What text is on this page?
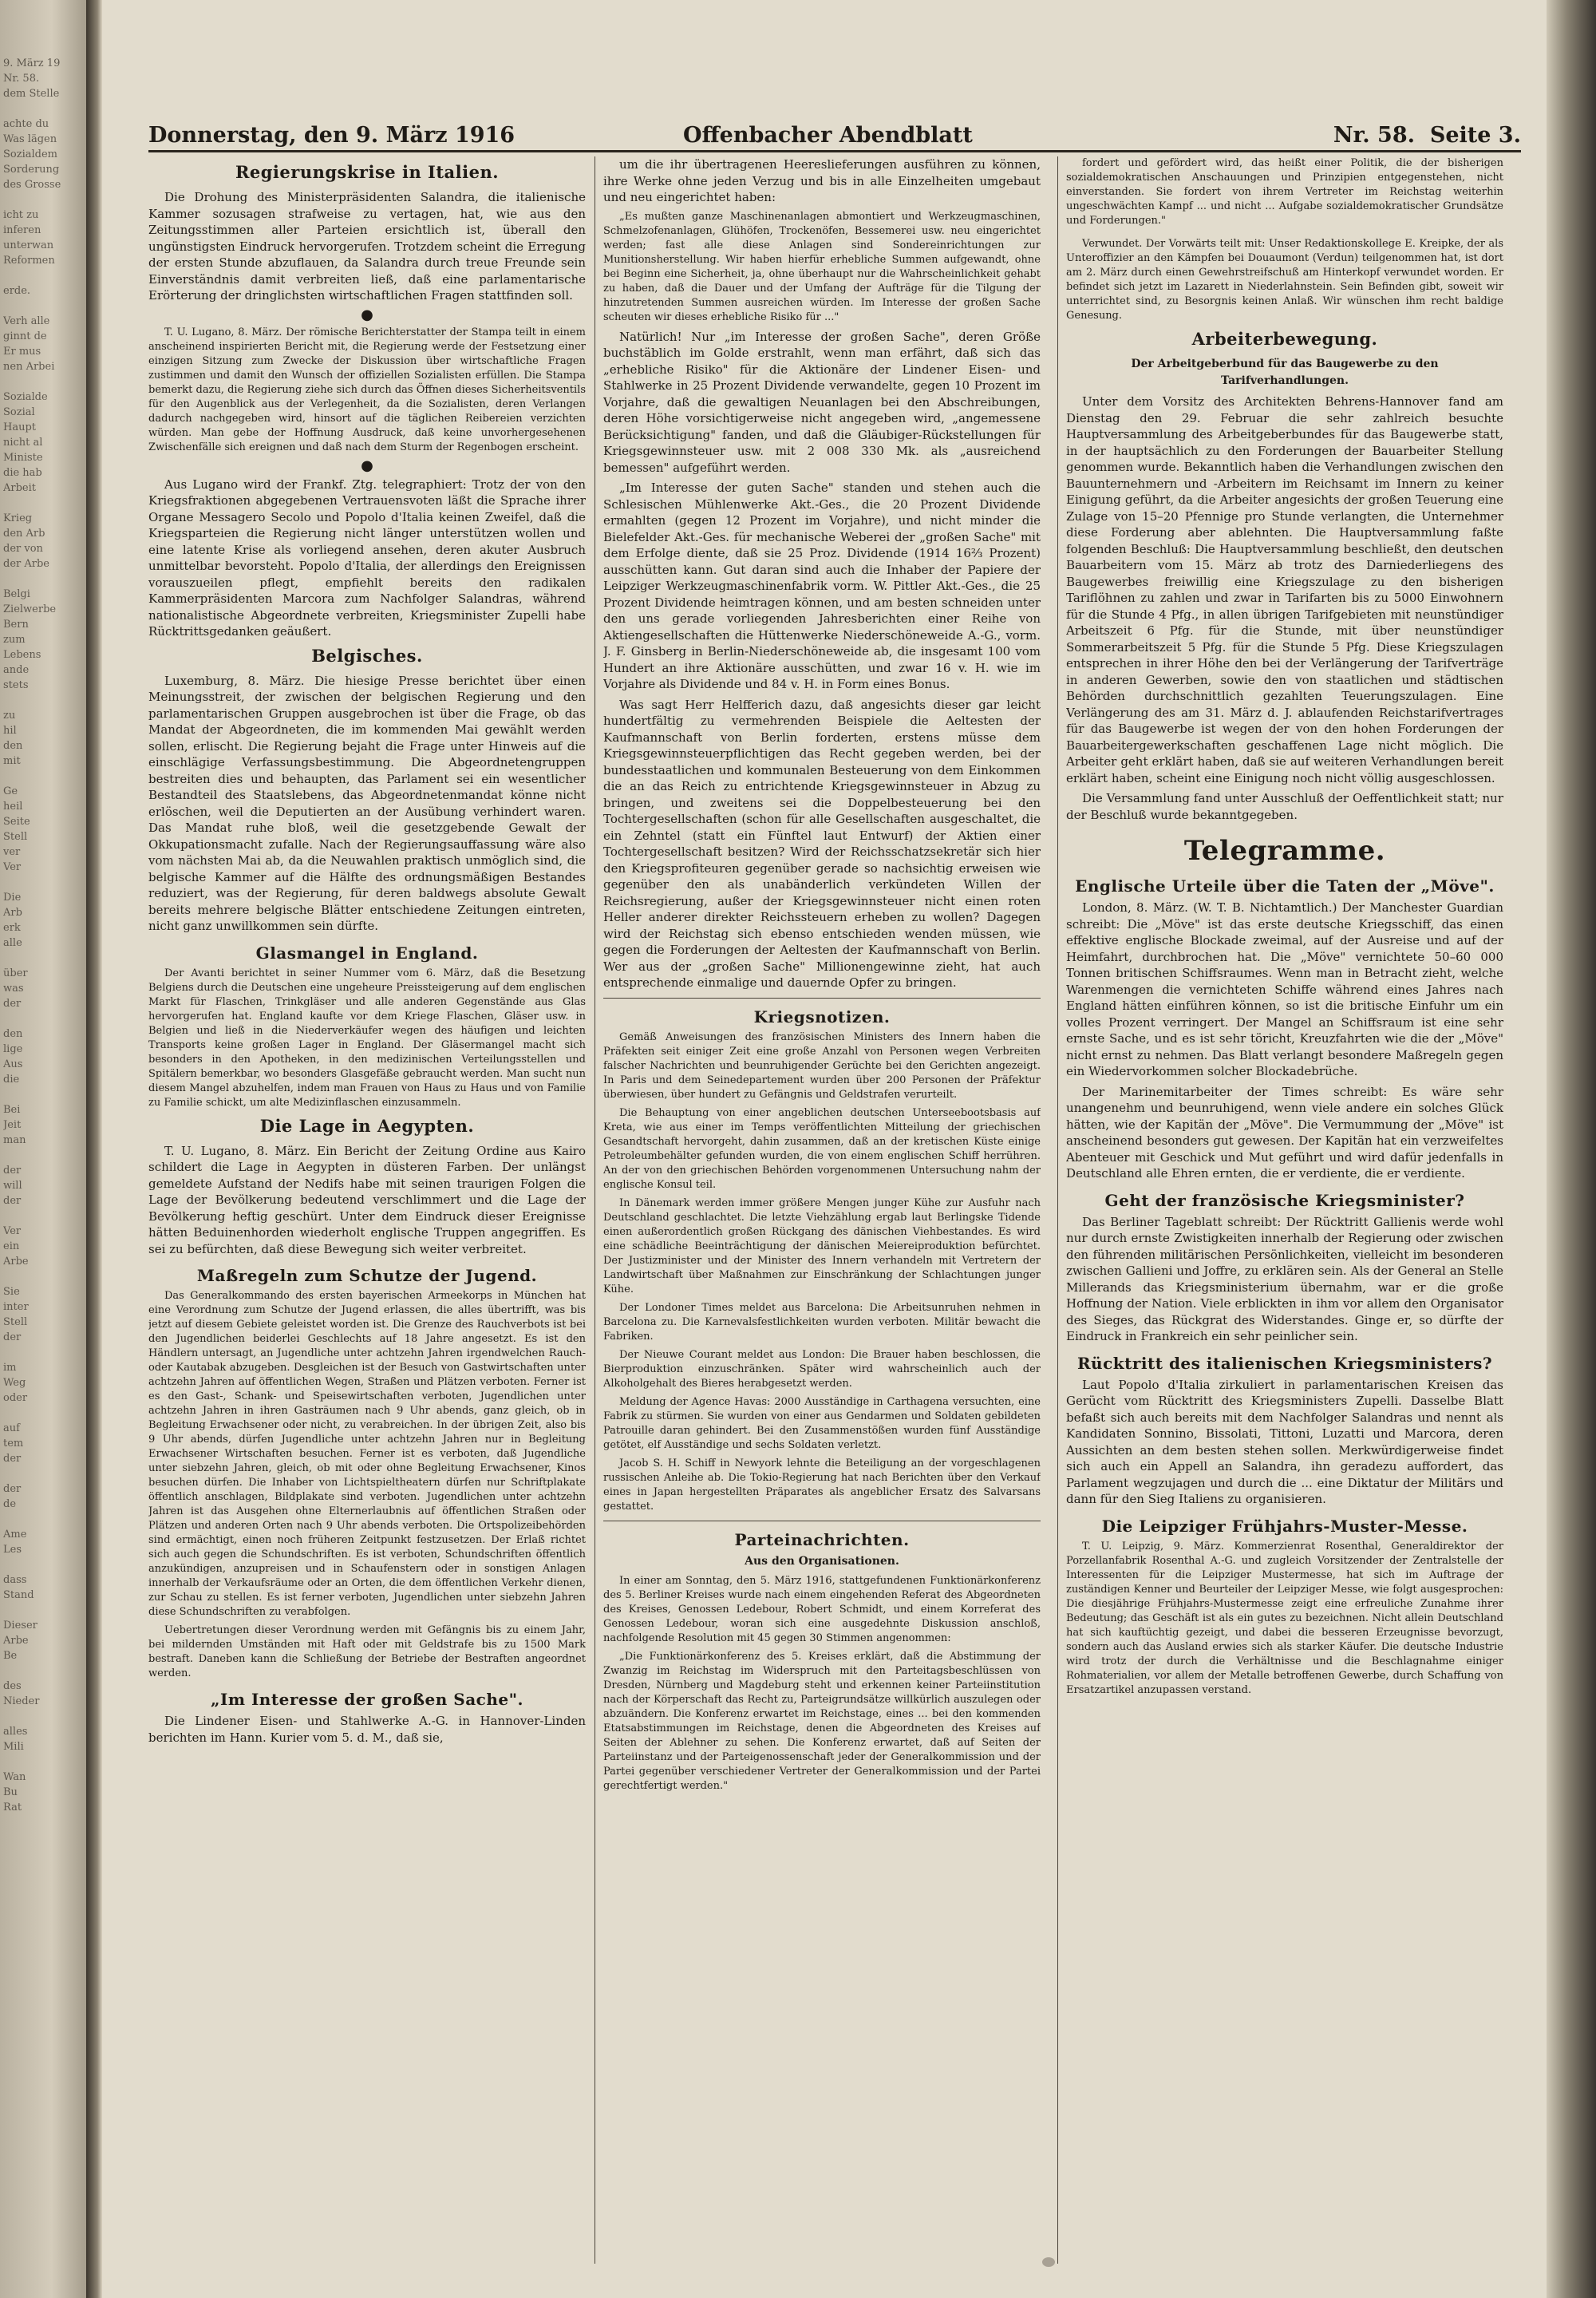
9. März 19
Nr. 58.
dem Stelle

achte du
Was lägen
Sozialdem
Sorderung
des Grosse

icht zu
inferen
unterwan
Reformen

erde.

Verh alle
ginnt de
Er mus
nen Arbei

Sozialde
Sozial
Haupt
nicht al
Ministe
die hab
Arbeit

Krieg
den Arb
der von
der Arbe

Belgi
Zielwerbe
Bern
zum
Lebens
ande
stets

zu
hil
den
mit

Ge
heil
Seite
Stell
ver
Ver

Die
Arb
erk
alle

über
was
der

den
lige
Aus
die

Bei
Jeit
man

der
will
der

Ver
ein
Arbe

Sie
inter
Stell
der

im
Weg
oder

auf
tem
der

der
de

Ame
Les

dass
Stand

Dieser
Arbe
Be

des
Nieder

alles
Mili

Wan
Bu
Rat
Donnerstag, den 9. März 1916	Offenbacher Abendblatt	Nr. 58. Seite 3.
Regierungskrise in Italien.

Die Drohung des Ministerpräsidenten Salandra, die italienische Kammer sozusagen strafweise zu vertagen, hat, wie aus den Zeitungsstimmen aller Parteien ersichtlich ist, überall den ungünstigsten Eindruck hervorgerufen. Trotzdem scheint die Erregung der ersten Stunde abzuflauen, da Salandra durch treue Freunde sein Einverständnis damit verbreiten ließ, daß eine parlamentarische Erörterung der dringlichsten wirtschaftlichen Fragen stattfinden soll.

●

T. U. Lugano, 8. März. Der römische Berichterstatter der Stampa teilt in einem anscheinend inspirierten Bericht mit, die Regierung werde der Festsetzung einer einzigen Sitzung zum Zwecke der Diskussion über wirtschaftliche Fragen zustimmen und damit den Wunsch der offiziellen Sozialisten erfüllen. Die Stampa bemerkt dazu, die Regierung ziehe sich durch das Öffnen dieses Sicherheitsventils für den Augenblick aus der Verlegenheit, da die Sozialisten, deren Verlangen dadurch nachgegeben wird, hinsort auf die täglichen Reibereien verzichten würden. Man gebe der Hoffnung Ausdruck, daß keine unvorhergesehenen Zwischenfälle sich ereignen und daß nach dem Sturm der Regenbogen erscheint.

●

Aus Lugano wird der Frankf. Ztg. telegraphiert: Trotz der von den Kriegsfraktionen abgegebenen Vertrauensvoten läßt die Sprache ihrer Organe Messagero Secolo und Popolo d'Italia keinen Zweifel, daß die Kriegsparteien die Regierung nicht länger unterstützen wollen und eine latente Krise als vorliegend ansehen, deren akuter Ausbruch unmittelbar bevorsteht. Popolo d'Italia, der allerdings den Ereignissen vorauszueilen pflegt, empfiehlt bereits den radikalen Kammerpräsidenten Marcora zum Nachfolger Salandras, während nationalistische Abgeordnete verbreiten, Kriegsminister Zupelli habe Rücktrittsgedanken geäußert.

Belgisches.

Luxemburg, 8. März. Die hiesige Presse berichtet über einen Meinungsstreit, der zwischen der belgischen Regierung und den parlamentarischen Gruppen ausgebrochen ist über die Frage, ob das Mandat der Abgeordneten, die im kommenden Mai gewählt werden sollen, erlischt. Die Regierung bejaht die Frage unter Hinweis auf die einschlägige Verfassungsbestimmung. Die Abgeordnetengruppen bestreiten dies und behaupten, das Parlament sei ein wesentlicher Bestandteil des Staatslebens, das Abgeordnetenmandat könne nicht erlöschen, weil die Deputierten an der Ausübung verhindert waren. Das Mandat ruhe bloß, weil die gesetzgebende Gewalt der Okkupationsmacht zufalle. Nach der Regierungsauffassung wäre also vom nächsten Mai ab, da die Neuwahlen praktisch unmöglich sind, die belgische Kammer auf die Hälfte des ordnungsmäßigen Bestandes reduziert, was der Regierung, für deren baldwegs absolute Gewalt bereits mehrere belgische Blätter entschiedene Zeitungen eintreten, nicht ganz unwillkommen sein dürfte.

Glasmangel in England.

Der Avanti berichtet in seiner Nummer vom 6. März, daß die Besetzung Belgiens durch die Deutschen eine ungeheure Preissteigerung auf dem englischen Markt für Flaschen, Trinkgläser und alle anderen Gegenstände aus Glas hervorgerufen hat. England kaufte vor dem Kriege Flaschen, Gläser usw. in Belgien und ließ in die Niederverkäufer wegen des häufigen und leichten Transports keine großen Lager in England. Der Gläsermangel macht sich besonders in den Apotheken, in den medizinischen Verteilungsstellen und Spitälern bemerkbar, wo besonders Glasgefäße gebraucht werden. Man sucht nun diesem Mangel abzuhelfen, indem man Frauen von Haus zu Haus und von Familie zu Familie schickt, um alte Medizinflaschen einzusammeln.

Die Lage in Aegypten.

T. U. Lugano, 8. März. Ein Bericht der Zeitung Ordine aus Kairo schildert die Lage in Aegypten in düsteren Farben. Der unlängst gemeldete Aufstand der Nedifs habe mit seinen traurigen Folgen die Lage der Bevölkerung bedeutend verschlimmert und die Lage der Bevölkerung heftig geschürt. Unter dem Eindruck dieser Ereignisse hätten Beduinenhorden wiederholt englische Truppen angegriffen. Es sei zu befürchten, daß diese Bewegung sich weiter verbreitet.

Maßregeln zum Schutze der Jugend.

Das Generalkommando des ersten bayerischen Armeekorps in München hat eine Verordnung zum Schutze der Jugend erlassen, die alles übertrifft, was bis jetzt auf diesem Gebiete geleistet worden ist. Die Grenze des Rauchverbots ist bei den Jugendlichen beiderlei Geschlechts auf 18 Jahre angesetzt. Es ist den Händlern untersagt, an Jugendliche unter achtzehn Jahren irgendwelchen Rauch- oder Kautabak abzugeben. Desgleichen ist der Besuch von Gastwirtschaften unter achtzehn Jahren auf öffentlichen Wegen, Straßen und Plätzen verboten. Ferner ist es den Gast-, Schank- und Speisewirtschaften verboten, Jugendlichen unter achtzehn Jahren in ihren Gasträumen nach 9 Uhr abends, ganz gleich, ob in Begleitung Erwachsener oder nicht, zu verabreichen. In der übrigen Zeit, also bis 9 Uhr abends, dürfen Jugendliche unter achtzehn Jahren nur in Begleitung Erwachsener Wirtschaften besuchen. Ferner ist es verboten, daß Jugendliche unter siebzehn Jahren, gleich, ob mit oder ohne Begleitung Erwachsener, Kinos besuchen dürfen. Die Inhaber von Lichtspieltheatern dürfen nur Schriftplakate öffentlich anschlagen, Bildplakate sind verboten. Jugendlichen unter achtzehn Jahren ist das Ausgehen ohne Elternerlaubnis auf öffentlichen Straßen oder Plätzen und anderen Orten nach 9 Uhr abends verboten. Die Ortspolizeibehörden sind ermächtigt, einen noch früheren Zeitpunkt festzusetzen. Der Erlaß richtet sich auch gegen die Schundschriften. Es ist verboten, Schundschriften öffentlich anzukündigen, anzupreisen und in Schaufenstern oder in sonstigen Anlagen innerhalb der Verkaufsräume oder an Orten, die dem öffentlichen Verkehr dienen, zur Schau zu stellen. Es ist ferner verboten, Jugendlichen unter siebzehn Jahren diese Schundschriften zu verabfolgen.

Uebertretungen dieser Verordnung werden mit Gefängnis bis zu einem Jahr, bei mildernden Umständen mit Haft oder mit Geldstrafe bis zu 1500 Mark bestraft. Daneben kann die Schließung der Betriebe der Bestraften angeordnet werden.

„Im Interesse der großen Sache".

Die Lindener Eisen- und Stahlwerke A.-G. in Hannover-Linden berichten im Hann. Kurier vom 5. d. M., daß sie,

um die ihr übertragenen Heereslieferungen ausführen zu können, ihre Werke ohne jeden Verzug und bis in alle Einzelheiten umgebaut und neu eingerichtet haben:

„Es mußten ganze Maschinenanlagen abmontiert und Werkzeugmaschinen, Schmelzofenanlagen, Glühöfen, Trockenöfen, Bessemerei usw. neu eingerichtet werden; fast alle diese Anlagen sind Sondereinrichtungen zur Munitionsherstellung. Wir haben hierfür erhebliche Summen aufgewandt, ohne bei Beginn eine Sicherheit, ja, ohne überhaupt nur die Wahrscheinlichkeit gehabt zu haben, daß die Dauer und der Umfang der Aufträge für die Tilgung der hinzutretenden Summen ausreichen würden. Im Interesse der großen Sache scheuten wir dieses erhebliche Risiko für ..."

Natürlich! Nur „im Interesse der großen Sache", deren Größe buchstäblich im Golde erstrahlt, wenn man erfährt, daß sich das „erhebliche Risiko" für die Aktionäre der Lindener Eisen- und Stahlwerke in 25 Prozent Dividende verwandelte, gegen 10 Prozent im Vorjahre, daß die gewaltigen Neuanlagen bei den Abschreibungen, deren Höhe vorsichtigerweise nicht angegeben wird, „angemessene Berücksichtigung" fanden, und daß die Gläubiger-Rückstellungen für Kriegsgewinnsteuer usw. mit 2 008 330 Mk. als „ausreichend bemessen" aufgeführt werden.

„Im Interesse der guten Sache" standen und stehen auch die Schlesischen Mühlenwerke Akt.-Ges., die 20 Prozent Dividende ermahlten (gegen 12 Prozent im Vorjahre), und nicht minder die Bielefelder Akt.-Ges. für mechanische Weberei der „großen Sache" mit dem Erfolge diente, daß sie 25 Proz. Dividende (1914 16⅔ Prozent) ausschütten kann. Gut daran sind auch die Inhaber der Papiere der Leipziger Werkzeugmaschinenfabrik vorm. W. Pittler Akt.-Ges., die 25 Prozent Dividende heimtragen können, und am besten schneiden unter den uns gerade vorliegenden Jahresberichten einer Reihe von Aktiengesellschaften die Hüttenwerke Niederschöneweide A.-G., vorm. J. F. Ginsberg in Berlin-Niederschöneweide ab, die insgesamt 100 vom Hundert an ihre Aktionäre ausschütten, und zwar 16 v. H. wie im Vorjahre als Dividende und 84 v. H. in Form eines Bonus.

Was sagt Herr Helfferich dazu, daß angesichts dieser gar leicht hundertfältig zu vermehrenden Beispiele die Aeltesten der Kaufmannschaft von Berlin forderten, erstens müsse dem Kriegsgewinnsteuerpflichtigen das Recht gegeben werden, bei der bundesstaatlichen und kommunalen Besteuerung von dem Einkommen die an das Reich zu entrichtende Kriegsgewinnsteuer in Abzug zu bringen, und zweitens sei die Doppelbesteuerung bei den Tochtergesellschaften (schon für alle Gesellschaften ausgeschaltet, die ein Zehntel (statt ein Fünftel laut Entwurf) der Aktien einer Tochtergesellschaft besitzen? Wird der Reichsschatzsekretär sich hier den Kriegsprofiteuren gegenüber gerade so nachsichtig erweisen wie gegenüber den als unabänderlich verkündeten Willen der Reichsregierung, außer der Kriegsgewinnsteuer nicht einen roten Heller anderer direkter Reichssteuern erheben zu wollen? Dagegen wird der Reichstag sich ebenso entschieden wenden müssen, wie gegen die Forderungen der Aeltesten der Kaufmannschaft von Berlin. Wer aus der „großen Sache" Millionengewinne zieht, hat auch entsprechende einmalige und dauernde Opfer zu bringen.

Kriegsnotizen.

Gemäß Anweisungen des französischen Ministers des Innern haben die Präfekten seit einiger Zeit eine große Anzahl von Personen wegen Verbreiten falscher Nachrichten und beunruhigender Gerüchte bei den Gerichten angezeigt. In Paris und dem Seinedepartement wurden über 200 Personen der Präfektur überwiesen, über hundert zu Gefängnis und Geldstrafen verurteilt.

Die Behauptung von einer angeblichen deutschen Unterseebootsbasis auf Kreta, wie aus einer im Temps veröffentlichten Mitteilung der griechischen Gesandtschaft hervorgeht, dahin zusammen, daß an der kretischen Küste einige Petroleumbehälter gefunden wurden, die von einem englischen Schiff herrühren. An der von den griechischen Behörden vorgenommenen Untersuchung nahm der englische Konsul teil.

In Dänemark werden immer größere Mengen junger Kühe zur Ausfuhr nach Deutschland geschlachtet. Die letzte Viehzählung ergab laut Berlingske Tidende einen außerordentlich großen Rückgang des dänischen Viehbestandes. Es wird eine schädliche Beeinträchtigung der dänischen Meiereiproduktion befürchtet. Der Justizminister und der Minister des Innern verhandeln mit Vertretern der Landwirtschaft über Maßnahmen zur Einschränkung der Schlachtungen junger Kühe.

Der Londoner Times meldet aus Barcelona: Die Arbeitsunruhen nehmen in Barcelona zu. Die Karnevalsfestlichkeiten wurden verboten. Militär bewacht die Fabriken.

Der Nieuwe Courant meldet aus London: Die Brauer haben beschlossen, die Bierproduktion einzuschränken. Später wird wahrscheinlich auch der Alkoholgehalt des Bieres herabgesetzt werden.

Meldung der Agence Havas: 2000 Ausständige in Carthagena versuchten, eine Fabrik zu stürmen. Sie wurden von einer aus Gendarmen und Soldaten gebildeten Patrouille daran gehindert. Bei den Zusammenstößen wurden fünf Ausständige getötet, elf Ausständige und sechs Soldaten verletzt.

Jacob S. H. Schiff in Newyork lehnte die Beteiligung an der vorgeschlagenen russischen Anleihe ab. Die Tokio-Regierung hat nach Berichten über den Verkauf eines in Japan hergestellten Präparates als angeblicher Ersatz des Salvarsans gestattet.

Parteinachrichten.
Aus den Organisationen.

In einer am Sonntag, den 5. März 1916, stattgefundenen Funktionärkonferenz des 5. Berliner Kreises wurde nach einem eingehenden Referat des Abgeordneten des Kreises, Genossen Ledebour, Robert Schmidt, und einem Korreferat des Genossen Ledebour, woran sich eine ausgedehnte Diskussion anschloß, nachfolgende Resolution mit 45 gegen 30 Stimmen angenommen:

„Die Funktionärkonferenz des 5. Kreises erklärt, daß die Abstimmung der Zwanzig im Reichstag im Widerspruch mit den Parteitagsbeschlüssen von Dresden, Nürnberg und Magdeburg steht und erkennen keiner Parteiinstitution nach der Körperschaft das Recht zu, Parteigrundsätze willkürlich auszulegen oder abzuändern. Die Konferenz erwartet im Reichstage, eines ... bei den kommenden Etatsabstimmungen im Reichstage, denen die Abgeordneten des Kreises auf Seiten der Ablehner zu sehen. Die Konferenz erwartet, daß auf Seiten der Parteiinstanz und der Parteigenossenschaft jeder der Generalkommission und der Partei gegenüber verschiedener Vertreter der Generalkommission und der Partei gerechtfertigt werden."

fordert und gefördert wird, das heißt einer Politik, die der bisherigen sozialdemokratischen Anschauungen und Prinzipien entgegenstehen, nicht einverstanden. Sie fordert von ihrem Vertreter im Reichstag weiterhin ungeschwächten Kampf ... und nicht ... Aufgabe sozialdemokratischer Grundsätze und Forderungen."

Verwundet. Der Vorwärts teilt mit: Unser Redaktionskollege E. Kreipke, der als Unteroffizier an den Kämpfen bei Douaumont (Verdun) teilgenommen hat, ist dort am 2. März durch einen Gewehrstreifschuß am Hinterkopf verwundet worden. Er befindet sich jetzt im Lazarett in Niederlahnstein. Sein Befinden gibt, soweit wir unterrichtet sind, zu Besorgnis keinen Anlaß. Wir wünschen ihm recht baldige Genesung.

Arbeiterbewegung.
Der Arbeitgeberbund für das Baugewerbe zu den Tarifverhandlungen.

Unter dem Vorsitz des Architekten Behrens-Hannover fand am Dienstag den 29. Februar die sehr zahlreich besuchte Hauptversammlung des Arbeitgeberbundes für das Baugewerbe statt, in der hauptsächlich zu den Forderungen der Bauarbeiter Stellung genommen wurde. Bekanntlich haben die Verhandlungen zwischen den Bauunternehmern und -Arbeitern im Reichsamt im Innern zu keiner Einigung geführt, da die Arbeiter angesichts der großen Teuerung eine Zulage von 15–20 Pfennige pro Stunde verlangten, die Unternehmer diese Forderung aber ablehnten. Die Hauptversammlung faßte folgenden Beschluß: Die Hauptversammlung beschließt, den deutschen Bauarbeitern vom 15. März ab trotz des Darniederliegens des Baugewerbes freiwillig eine Kriegszulage zu den bisherigen Tariflöhnen zu zahlen und zwar in Tarifarten bis zu 5000 Einwohnern für die Stunde 4 Pfg., in allen übrigen Tarifgebieten mit neunstündiger Arbeitszeit 6 Pfg. für die Stunde, mit über neunstündiger Sommerarbeitszeit 5 Pfg. für die Stunde 5 Pfg. Diese Kriegszulagen entsprechen in ihrer Höhe den bei der Verlängerung der Tarifverträge in anderen Gewerben, sowie den von staatlichen und städtischen Behörden durchschnittlich gezahlten Teuerungszulagen. Eine Verlängerung des am 31. März d. J. ablaufenden Reichstarifvertrages für das Baugewerbe ist wegen der von den hohen Forderungen der Bauarbeitergewerkschaften geschaffenen Lage nicht möglich. Die Arbeiter geht erklärt haben, daß sie auf weiteren Verhandlungen bereit erklärt haben, scheint eine Einigung noch nicht völlig ausgeschlossen.

Die Versammlung fand unter Ausschluß der Oeffentlichkeit statt; nur der Beschluß wurde bekanntgegeben.

Telegramme.
Englische Urteile über die Taten der „Möve".

London, 8. März. (W. T. B. Nichtamtlich.) Der Manchester Guardian schreibt: Die „Möve" ist das erste deutsche Kriegsschiff, das einen effektive englische Blockade zweimal, auf der Ausreise und auf der Heimfahrt, durchbrochen hat. Die „Möve" vernichtete 50–60 000 Tonnen britischen Schiffsraumes. Wenn man in Betracht zieht, welche Warenmengen die vernichteten Schiffe während eines Jahres nach England hätten einführen können, so ist die britische Einfuhr um ein volles Prozent verringert. Der Mangel an Schiffsraum ist eine sehr ernste Sache, und es ist sehr töricht, Kreuzfahrten wie die der „Möve" nicht ernst zu nehmen. Das Blatt verlangt besondere Maßregeln gegen ein Wiedervorkommen solcher Blockadebrüche.

Der Marinemitarbeiter der Times schreibt: Es wäre sehr unangenehm und beunruhigend, wenn viele andere ein solches Glück hätten, wie der Kapitän der „Möve". Die Vermummung der „Möve" ist anscheinend besonders gut gewesen. Der Kapitän hat ein verzweifeltes Abenteuer mit Geschick und Mut geführt und wird dafür jedenfalls in Deutschland alle Ehren ernten, die er verdiente, die er verdiente.

Geht der französische Kriegsminister?

Das Berliner Tageblatt schreibt: Der Rücktritt Gallienis werde wohl nur durch ernste Zwistigkeiten innerhalb der Regierung oder zwischen den führenden militärischen Persönlichkeiten, vielleicht im besonderen zwischen Gallieni und Joffre, zu erklären sein. Als der General an Stelle Millerands das Kriegsministerium übernahm, war er die große Hoffnung der Nation. Viele erblickten in ihm vor allem den Organisator des Sieges, das Rückgrat des Widerstandes. Ginge er, so dürfte der Eindruck in Frankreich ein sehr peinlicher sein.

Rücktritt des italienischen Kriegsministers?

Laut Popolo d'Italia zirkuliert in parlamentarischen Kreisen das Gerücht vom Rücktritt des Kriegsministers Zupelli. Dasselbe Blatt befaßt sich auch bereits mit dem Nachfolger Salandras und nennt als Kandidaten Sonnino, Bissolati, Tittoni, Luzatti und Marcora, deren Aussichten an dem besten stehen sollen. Merkwürdigerweise findet sich auch ein Appell an Salandra, ihn geradezu auffordert, das Parlament wegzujagen und durch die ... eine Diktatur der Militärs und dann für den Sieg Italiens zu organisieren.

Die Leipziger Frühjahrs-Muster-Messe.

T. U. Leipzig, 9. März. Kommerzienrat Rosenthal, Generaldirektor der Porzellanfabrik Rosenthal A.-G. und zugleich Vorsitzender der Zentralstelle der Interessenten für die Leipziger Mustermesse, hat sich im Auftrage der zuständigen Kenner und Beurteiler der Leipziger Messe, wie folgt ausgesprochen: Die diesjährige Frühjahrs-Mustermesse zeigt eine erfreuliche Zunahme ihrer Bedeutung; das Geschäft ist als ein gutes zu bezeichnen. Nicht allein Deutschland hat sich kauftüchtig gezeigt, und dabei die besseren Erzeugnisse bevorzugt, sondern auch das Ausland erwies sich als starker Käufer. Die deutsche Industrie wird trotz der durch die Verhältnisse und die Beschlagnahme einiger Rohmaterialien, vor allem der Metalle betroffenen Gewerbe, durch Schaffung von Ersatzartikel anzupassen verstand.
